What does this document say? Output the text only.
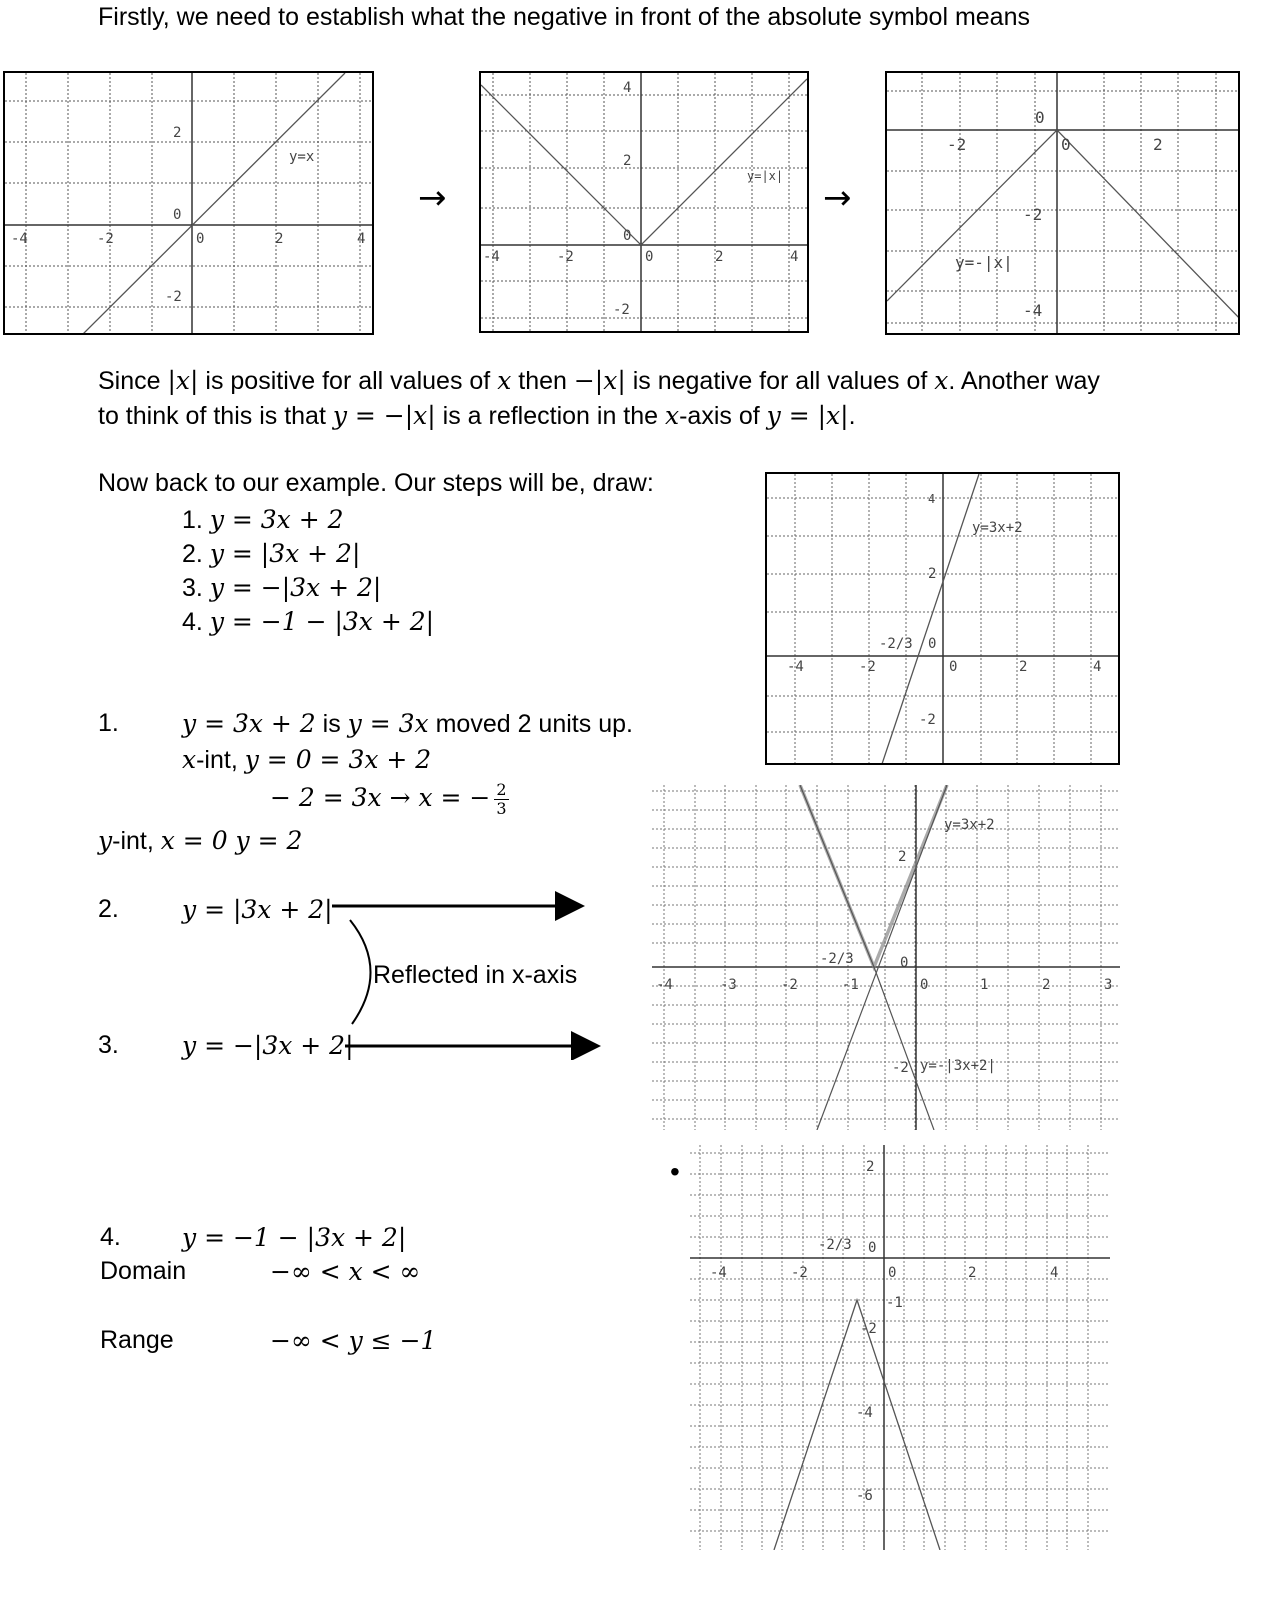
Firstly, we need to establish what the negative in front of the absolute symbol means
-4	-2	0	2	4
2
0
-2
y=x
→
-4	-2	0	2	4
4
2
0
-2
y=|x|
→
-2	0	2
0
-2
-4
y=-|x|
Since |x| is positive for all values of x then −|x| is negative for all values of x. Another way
to think of this is that y = −|x| is a reflection in the x-axis of y = |x|.
Now back to our example. Our steps will be, draw:
1. y = 3x + 2
2. y = |3x + 2|
3. y = −|3x + 2|
4. y = −1 − |3x + 2|
-4	-2	0	2	4
4
2
-2
-2/3 0
y=3x+2
1.	y = 3x + 2 is y = 3x moved 2 units up.
x-int, y = 0 = 3x + 2
− 2 = 3x → x = − $\frac{2}{3}$
y-int, x = 0 y = 2
2.	y = |3x + 2|
Reflected in x-axis
3.	y = −|3x + 2|
-4	-3	-2	-1	0	1	2	3
2
-2
-2/3	0
y=3x+2
y=-|3x+2|
•
4. y = −1 − |3x + 2|
Domain	−∞ < x < ∞
Range	−∞ < y ≤ −1
-4	-2	0	2	4
2
-1
-2
-4
-6
-2/3 0
